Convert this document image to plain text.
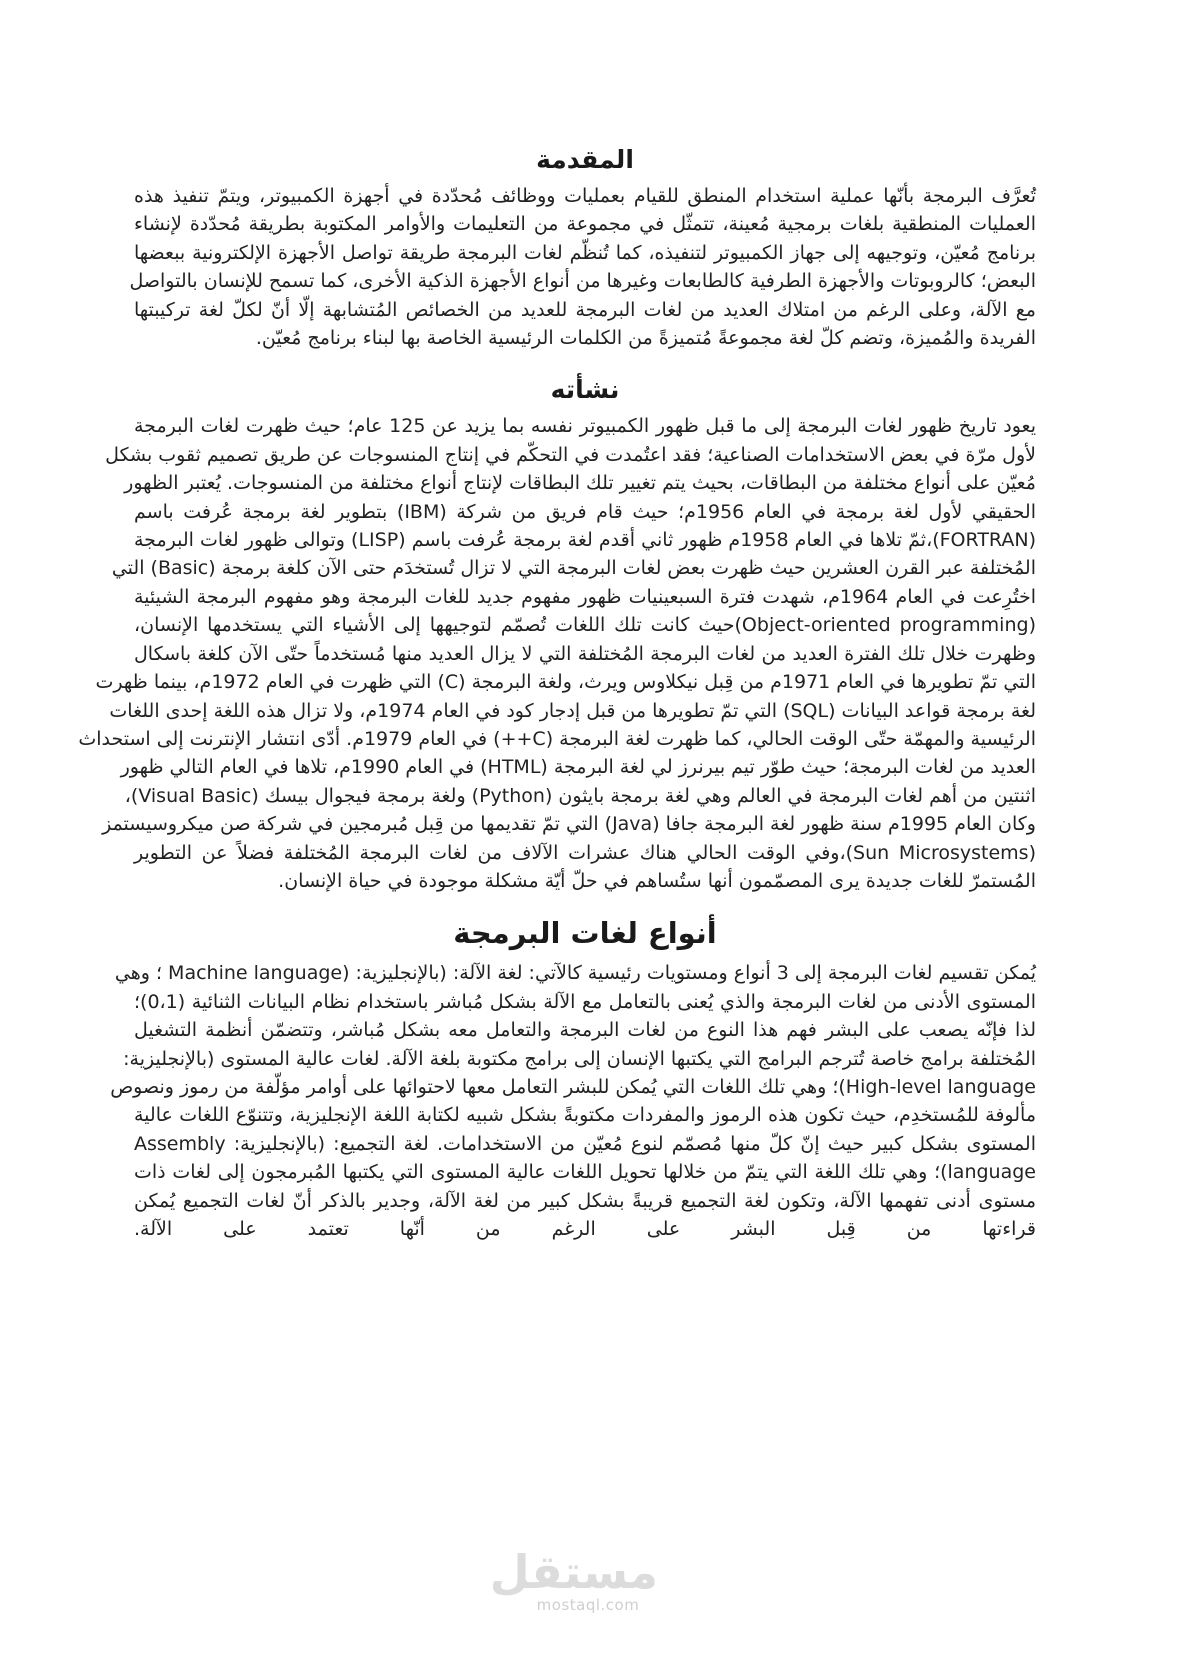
المقدمة
تُعرَّف البرمجة بأنّها عملية استخدام المنطق للقيام بعمليات ووظائف مُحدّدة في أجهزة الكمبيوتر، ويتمّ تنفيذ هذه
العمليات المنطقية بلغات برمجية مُعينة، تتمثّل في مجموعة من التعليمات والأوامر المكتوبة بطريقة مُحدّدة لإنشاء
برنامج مُعيّن، وتوجيهه إلى جهاز الكمبيوتر لتنفيذه، كما تُنظّم لغات البرمجة طريقة تواصل الأجهزة الإلكترونية ببعضها
البعض؛ كالروبوتات والأجهزة الطرفية كالطابعات وغيرها من أنواع الأجهزة الذكية الأخرى، كما تسمح للإنسان بالتواصل
مع الآلة، وعلى الرغم من امتلاك العديد من لغات البرمجة للعديد من الخصائص المُتشابهة إلّا أنّ لكلّ لغة تركيبتها
الفريدة والمُميزة، وتضم كلّ لغة مجموعةً مُتميزةً من الكلمات الرئيسية الخاصة بها لبناء برنامج مُعيّن.
نشأته
يعود تاريخ ظهور لغات البرمجة إلى ما قبل ظهور الكمبيوتر نفسه بما يزيد عن 125 عام؛ حيث ظهرت لغات البرمجة
لأول مرّة في بعض الاستخدامات الصناعية؛ فقد اعتُمدت في التحكّم في إنتاج المنسوجات عن طريق تصميم ثقوب بشكل
مُعيّن على أنواع مختلفة من البطاقات، بحيث يتم تغيير تلك البطاقات لإنتاج أنواع مختلفة من المنسوجات. يُعتبر الظهور
الحقيقي لأول لغة برمجة في العام 1956م؛ حيث قام فريق من شركة (IBM) بتطوير لغة برمجة عُرفت باسم
(FORTRAN)،ثمّ تلاها في العام 1958م ظهور ثاني أقدم لغة برمجة عُرفت باسم (LISP) وتوالى ظهور لغات البرمجة
المُختلفة عبر القرن العشرين حيث ظهرت بعض لغات البرمجة التي لا تزال تُستخدَم حتى الآن كلغة برمجة (Basic) التي
اختُرِعت في العام 1964م، شهدت فترة السبعينيات ظهور مفهوم جديد للغات البرمجة وهو مفهوم البرمجة الشيئية
(Object-oriented programming)حيث كانت تلك اللغات تُصمّم لتوجيهها إلى الأشياء التي يستخدمها الإنسان،
وظهرت خلال تلك الفترة العديد من لغات البرمجة المُختلفة التي لا يزال العديد منها مُستخدماً حتّى الآن كلغة باسكال
التي تمّ تطويرها في العام 1971م من قِبل نيكلاوس ويرث، ولغة البرمجة (C) التي ظهرت في العام 1972م، بينما ظهرت
لغة برمجة قواعد البيانات (SQL) التي تمّ تطويرها من قبل إدجار كود في العام 1974م، ولا تزال هذه اللغة إحدى اللغات
الرئيسية والمهمّة حتّى الوقت الحالي، كما ظهرت لغة البرمجة (C++) في العام 1979م. أدّى انتشار الإنترنت إلى استحداث
العديد من لغات البرمجة؛ حيث طوّر تيم بيرنرز لي لغة البرمجة (HTML) في العام 1990م، تلاها في العام التالي ظهور
اثنتين من أهم لغات البرمجة في العالم وهي لغة برمجة بايثون (Python) ولغة برمجة فيجوال بيسك (Visual Basic)،
وكان العام 1995م سنة ظهور لغة البرمجة جافا (Java) التي تمّ تقديمها من قِبل مُبرمجين في شركة صن ميكروسيستمز
(Sun Microsystems)،وفي الوقت الحالي هناك عشرات الآلاف من لغات البرمجة المُختلفة فضلاً عن التطوير
المُستمرّ للغات جديدة يرى المصمّمون أنها ستُساهم في حلّ أيّة مشكلة موجودة في حياة الإنسان.
أنواع لغات البرمجة
يُمكن تقسيم لغات البرمجة إلى 3 أنواع ومستويات رئيسية كالآتي: لغة الآلة: (بالإنجليزية: (Machine language ؛ وهي
المستوى الأدنى من لغات البرمجة والذي يُعنى بالتعامل مع الآلة بشكل مُباشر باستخدام نظام البيانات الثنائية (0،1)؛
لذا فإنّه يصعب على البشر فهم هذا النوع من لغات البرمجة والتعامل معه بشكل مُباشر، وتتضمّن أنظمة التشغيل
المُختلفة برامج خاصة تُترجم البرامج التي يكتبها الإنسان إلى برامج مكتوبة بلغة الآلة. لغات عالية المستوى (بالإنجليزية:
High-level language)؛ وهي تلك اللغات التي يُمكن للبشر التعامل معها لاحتوائها على أوامر مؤلّفة من رموز ونصوص
مألوفة للمُستخدِم، حيث تكون هذه الرموز والمفردات مكتوبةً بشكل شبيه لكتابة اللغة الإنجليزية، وتتنوّع اللغات عالية
المستوى بشكل كبير حيث إنّ كلّ منها مُصمّم لنوع مُعيّن من الاستخدامات. لغة التجميع: (بالإنجليزية: Assembly
language)؛ وهي تلك اللغة التي يتمّ من خلالها تحويل اللغات عالية المستوى التي يكتبها المُبرمجون إلى لغات ذات
مستوى أدنى تفهمها الآلة، وتكون لغة التجميع قريبةً بشكل كبير من لغة الآلة، وجدير بالذكر أنّ لغات التجميع يُمكن
قراءتها من قِبل البشر على الرغم من أنّها تعتمد على الآلة.
مستقل
mostaql.com
